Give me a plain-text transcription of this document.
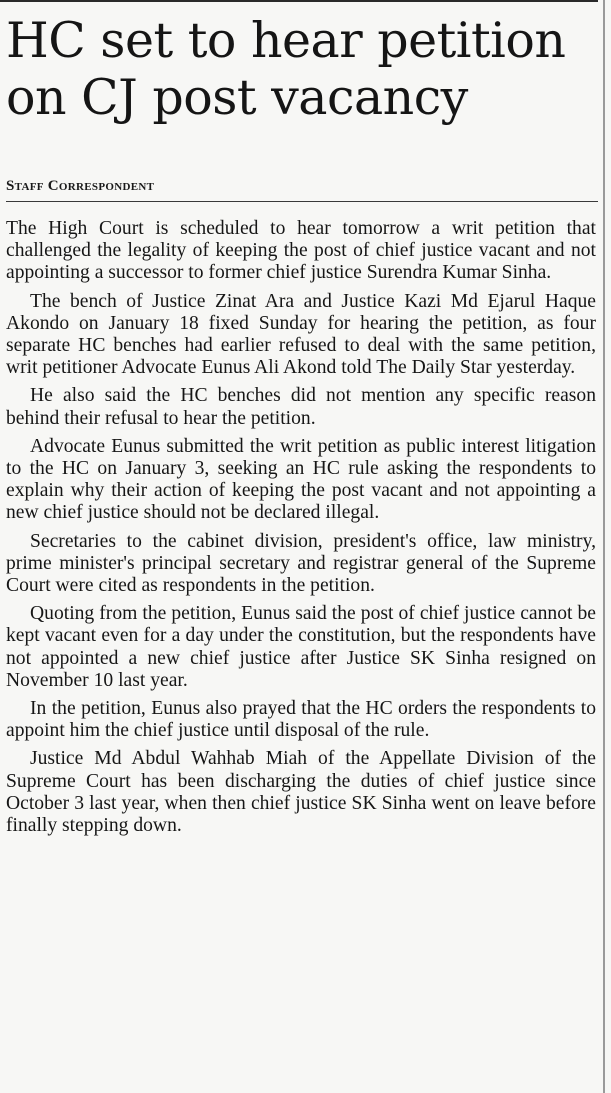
HC set to hear petition on CJ post vacancy
Staff Correspondent

The High Court is scheduled to hear tomorrow a writ petition that challenged the legality of keeping the post of chief justice vacant and not appointing a successor to former chief justice Surendra Kumar Sinha.

The bench of Justice Zinat Ara and Justice Kazi Md Ejarul Haque Akondo on January 18 fixed Sunday for hearing the petition, as four separate HC benches had earlier refused to deal with the same petition, writ petitioner Advocate Eunus Ali Akond told The Daily Star yesterday.

He also said the HC benches did not mention any specific reason behind their refusal to hear the petition.

Advocate Eunus submitted the writ petition as public interest litigation to the HC on January 3, seeking an HC rule asking the respondents to explain why their action of keeping the post vacant and not appointing a new chief justice should not be declared illegal.

Secretaries to the cabinet division, president's office, law ministry, prime minister's principal secretary and registrar general of the Supreme Court were cited as respondents in the petition.

Quoting from the petition, Eunus said the post of chief justice cannot be kept vacant even for a day under the constitution, but the respondents have not appointed a new chief justice after Justice SK Sinha resigned on November 10 last year.

In the petition, Eunus also prayed that the HC orders the respondents to appoint him the chief justice until disposal of the rule.

Justice Md Abdul Wahhab Miah of the Appellate Division of the Supreme Court has been discharging the duties of chief justice since October 3 last year, when then chief justice SK Sinha went on leave before finally stepping down.
